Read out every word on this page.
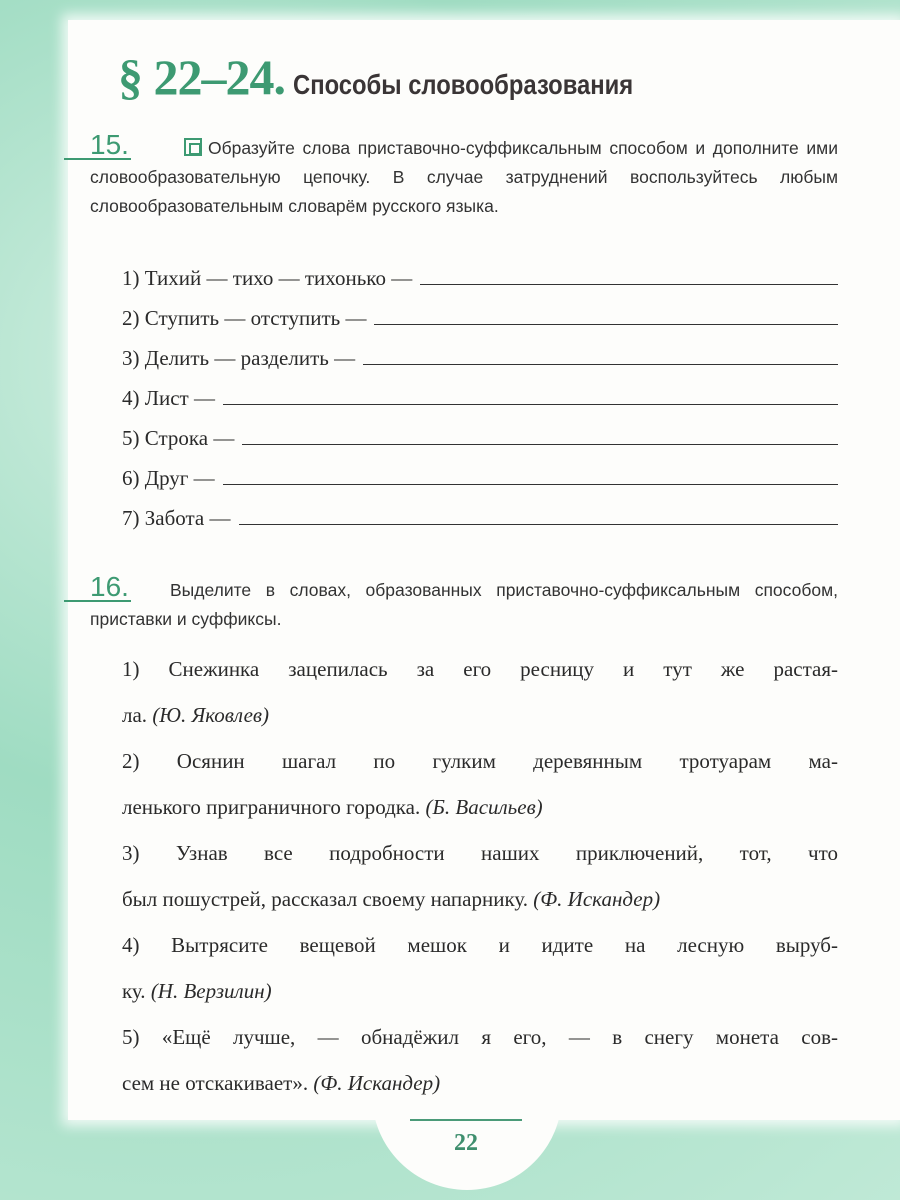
22
§ 22–24. Способы словообразования
15.	Образуйте слова приставочно-суффиксальным способом и дополните ими словообразовательную цепочку. В случае затруднений воспользуйтесь любым словообразовательным словарём русского языка.
1) Тихий — тихо — тихонько —
2) Ступить — отступить —
3) Делить — разделить —
4) Лист —
5) Строка —
6) Друг —
7) Забота —
16.	Выделите в словах, образованных приставочно-суффиксальным способом, приставки и суффиксы.
1) Снежинка зацепилась за его ресницу и тут же растая-
ла. (Ю. Яковлев)
2) Осянин шагал по гулким деревянным тротуарам ма-
ленького приграничного городка. (Б. Васильев)
3) Узнав все подробности наших приключений, тот, что
был пошустрей, рассказал своему напарнику. (Ф. Искандер)
4) Вытрясите вещевой мешок и идите на лесную выруб-
ку. (Н. Верзилин)
5) «Ещё лучше, — обнадёжил я его, — в снегу монета сов-
сем не отскакивает». (Ф. Искандер)
